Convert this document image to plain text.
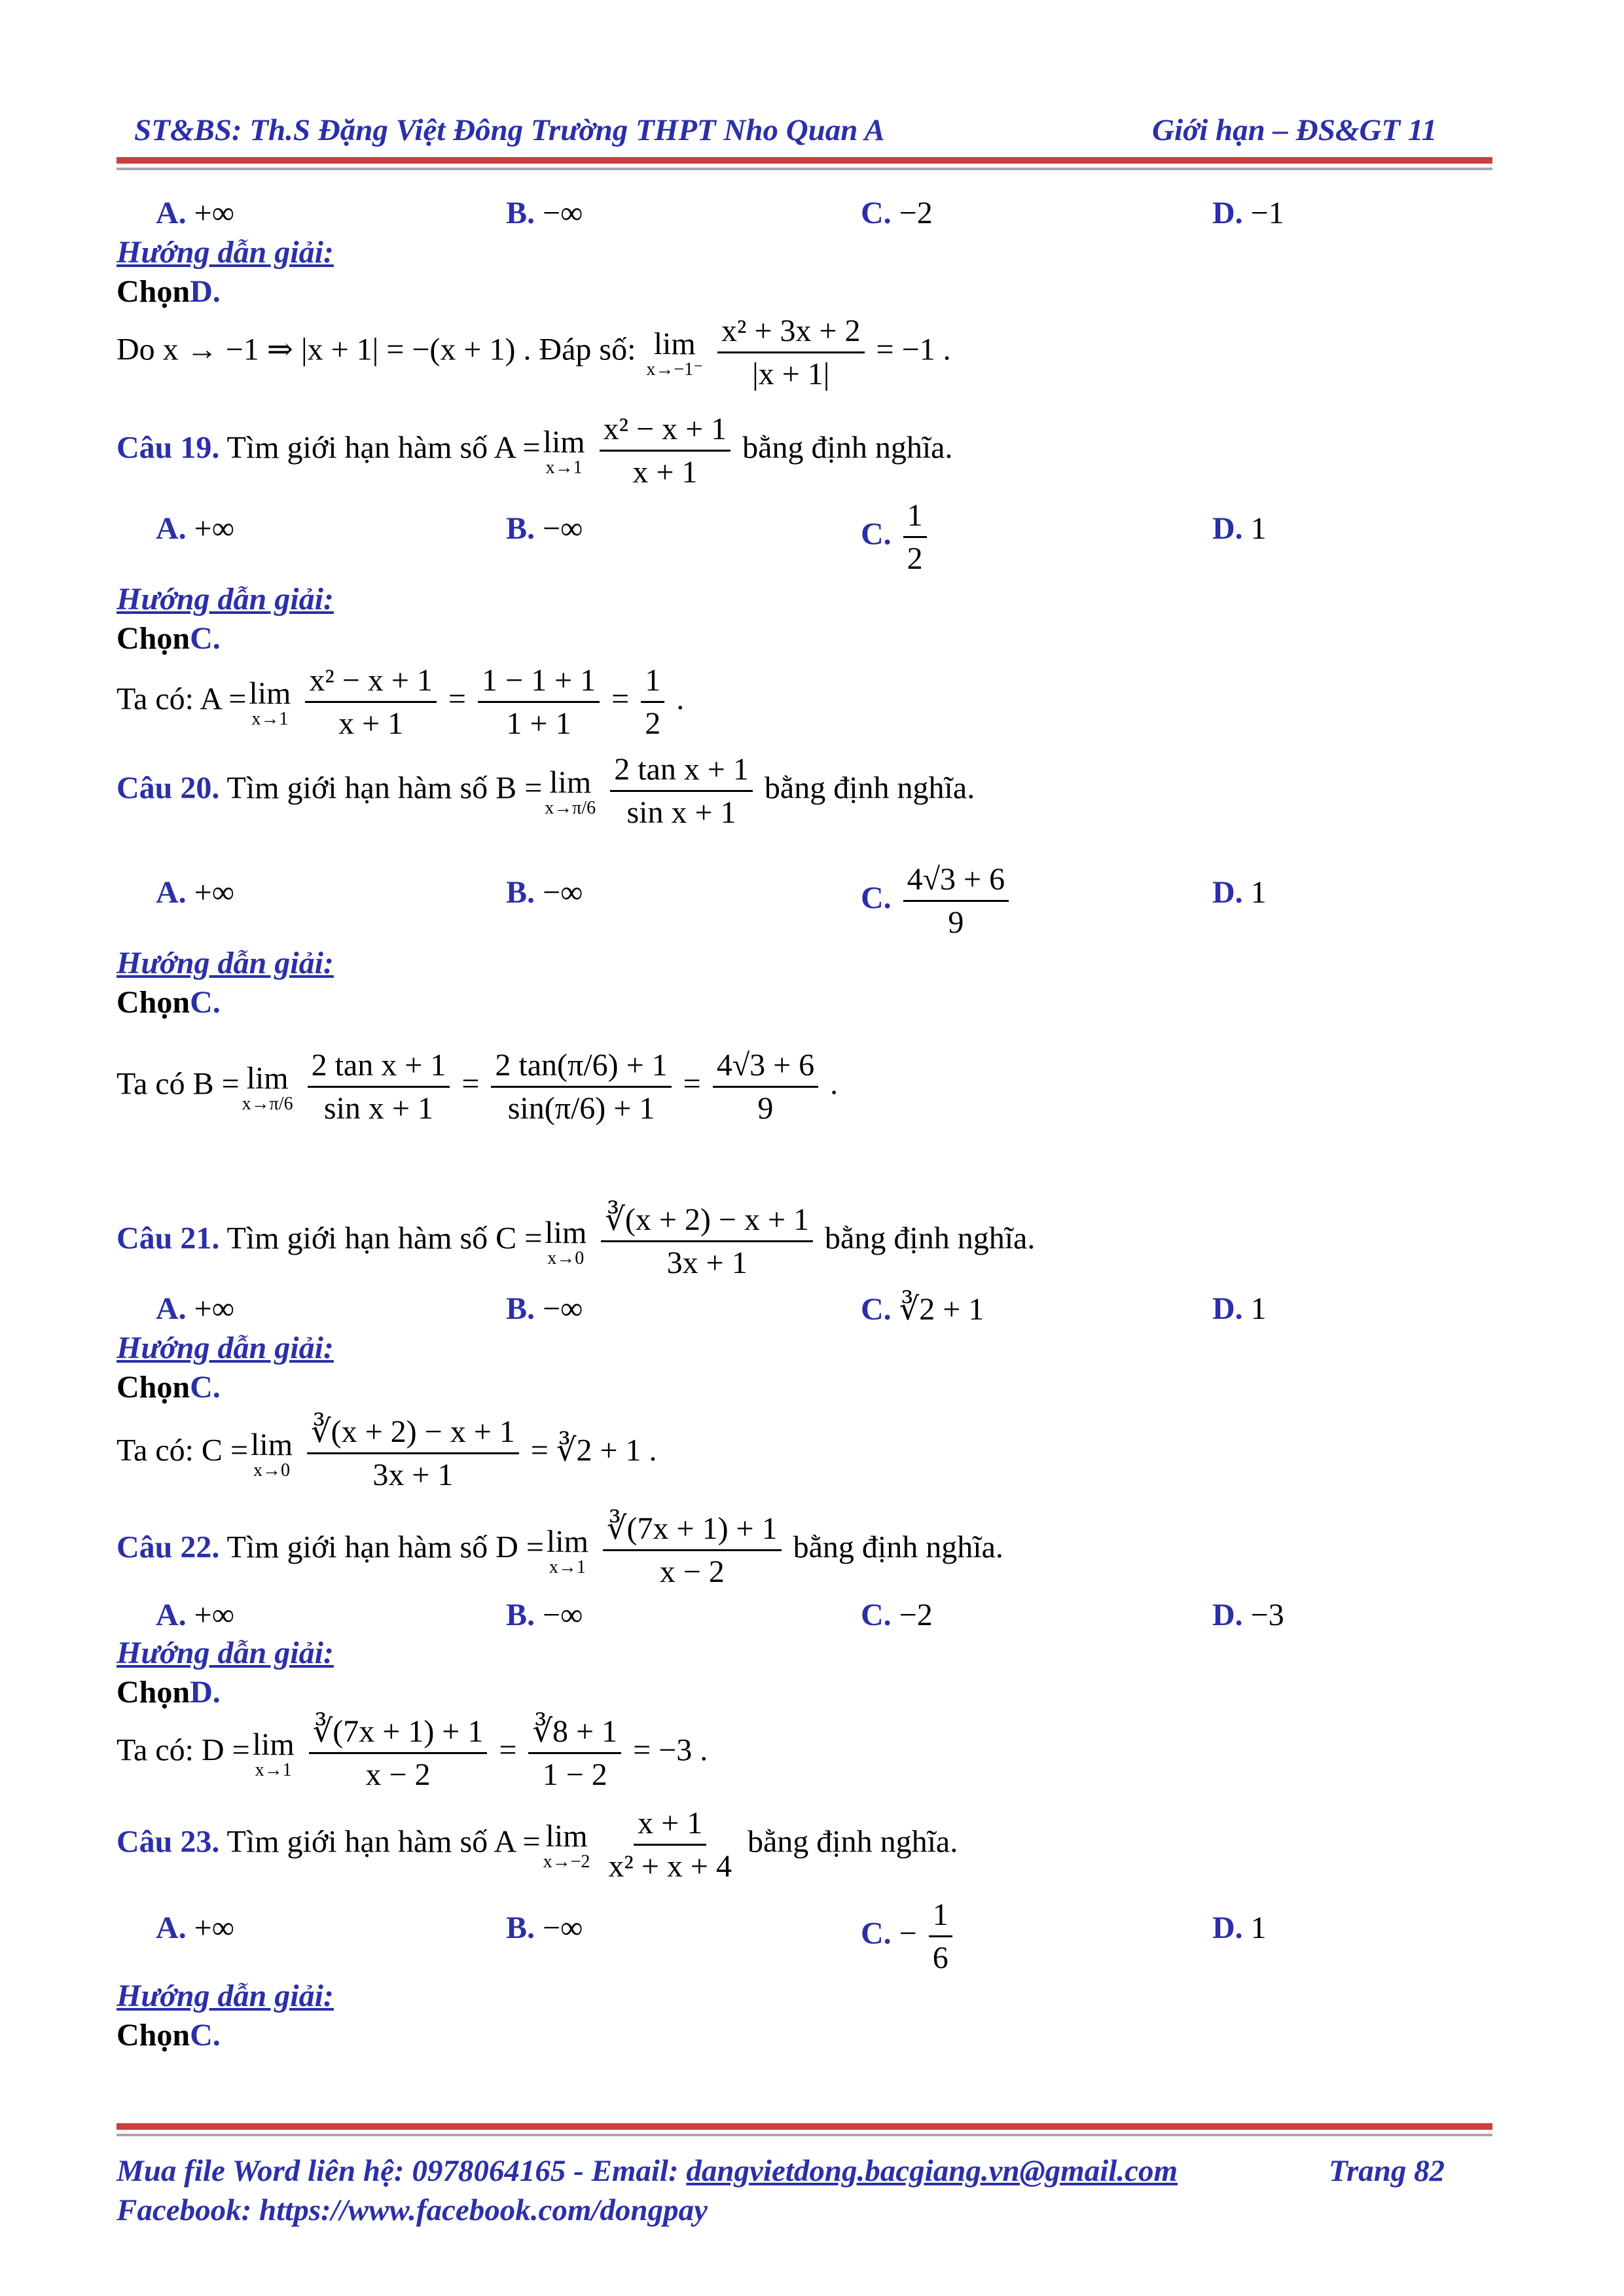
ST&BS: Th.S Đặng Việt Đông Trường THPT Nho Quan A	Giới hạn – ĐS&GT 11
A. +∞	B. −∞	C. −2	D. −1
Hướng dẫn giải:
ChọnD.
Do x → −1 ⇒ |x + 1| = −(x + 1) . Đáp số: lim
x→−1⁻
$\frac{\text{x² + 3x + 2}}{|x + 1|} = -1$ .
Câu 19. Tìm giới hạn hàm số A = lim
x→1
$\frac{\text{x² − x + 1}}{x + 1}$ bằng định nghĩa.
A. +∞	B. −∞	C. $\frac{1}{2}$	D. 1
Hướng dẫn giải:
ChọnC.
Ta có: A = lim
x→1
$\frac{\text{x² − x + 1}}{x + 1} = \frac{1 - 1 + 1}{1 + 1} = \frac{1}{2}$ .
Câu 20. Tìm giới hạn hàm số B = lim
x→π/6
$\frac{\text{2 tan x + 1}}{\text{sin x + 1}}$ bằng định nghĩa.
A. +∞	B. −∞	C. $\frac{4√3 + 6}{9}$	D. 1
Hướng dẫn giải:
ChọnC.
Ta có B = lim
x→π/6
$\frac{\text{2 tan x + 1}}{\text{sin x + 1}} = \frac{2 \tan(\pi/6) + 1}{\sin(\pi/6) + 1} = \frac{4√3 + 6}{9}$ .
Câu 21. Tìm giới hạn hàm số C = lim
x→0
$\frac{∛(x + 2) - x + 1}{3x + 1}$ bằng định nghĩa.
A. +∞	B. −∞	C. ∛2 + 1	D. 1
Hướng dẫn giải:
ChọnC.
Ta có: C = lim
x→0
$\frac{∛(x + 2) - x + 1}{3x + 1}$ = ∛2 + 1 .
Câu 22. Tìm giới hạn hàm số D = lim
x→1
$\frac{∛(7x + 1) + 1}{x - 2}$ bằng định nghĩa.
A. +∞	B. −∞	C. −2	D. −3
Hướng dẫn giải:
ChọnD.
Ta có: D = lim
x→1
$\frac{∛(7x + 1) + 1}{x - 2} = \frac{∛8 + 1}{1 - 2} = -3$ .
Câu 23. Tìm giới hạn hàm số A = lim
x→−2
$\frac{x + 1}{\text{x² + x + 4}}$ bằng định nghĩa.
A. +∞	B. −∞	C. − $\frac{1}{6}$	D. 1
Hướng dẫn giải:
ChọnC.
Mua file Word liên hệ: 0978064165 - Email: dangvietdong.bacgiang.vn@gmail.com	Trang 82
Facebook: https://www.facebook.com/dongpay
